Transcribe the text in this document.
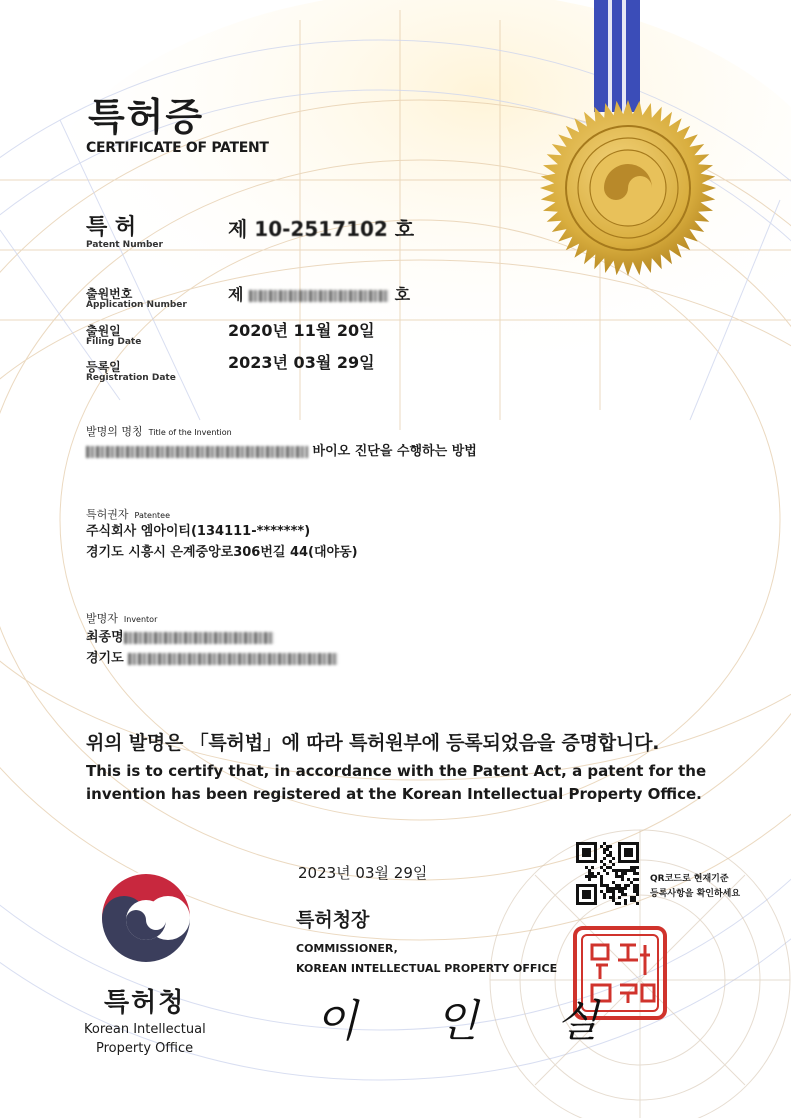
특허증
CERTIFICATE OF PATENT
특 허
Patent Number
제 10-2517102 호
출원번호
Application Number
제	호
출원일
Filing Date
2020년 11월 20일
등록일
Registration Date
2023년 03월 29일
발명의 명칭 Title of the Invention
바이오 진단을 수행하는 방법
특허권자 Patentee
주식회사 엠아이티(134111-*******)
경기도 시흥시 은계중앙로306번길 44(대야동)
발명자 Inventor
최종명
경기도
위의 발명은 「특허법」에 따라 특허원부에 등록되었음을 증명합니다.
This is to certify that, in accordance with the Patent Act, a patent for the
invention has been registered at the Korean Intellectual Property Office.
2023년 03월 29일
특허청장
COMMISSIONER,
KOREAN INTELLECTUAL PROPERTY OFFICE
이 인 실
QR코드로 현재기준
등록사항을 확인하세요
특허청
Korean Intellectual
Property Office
